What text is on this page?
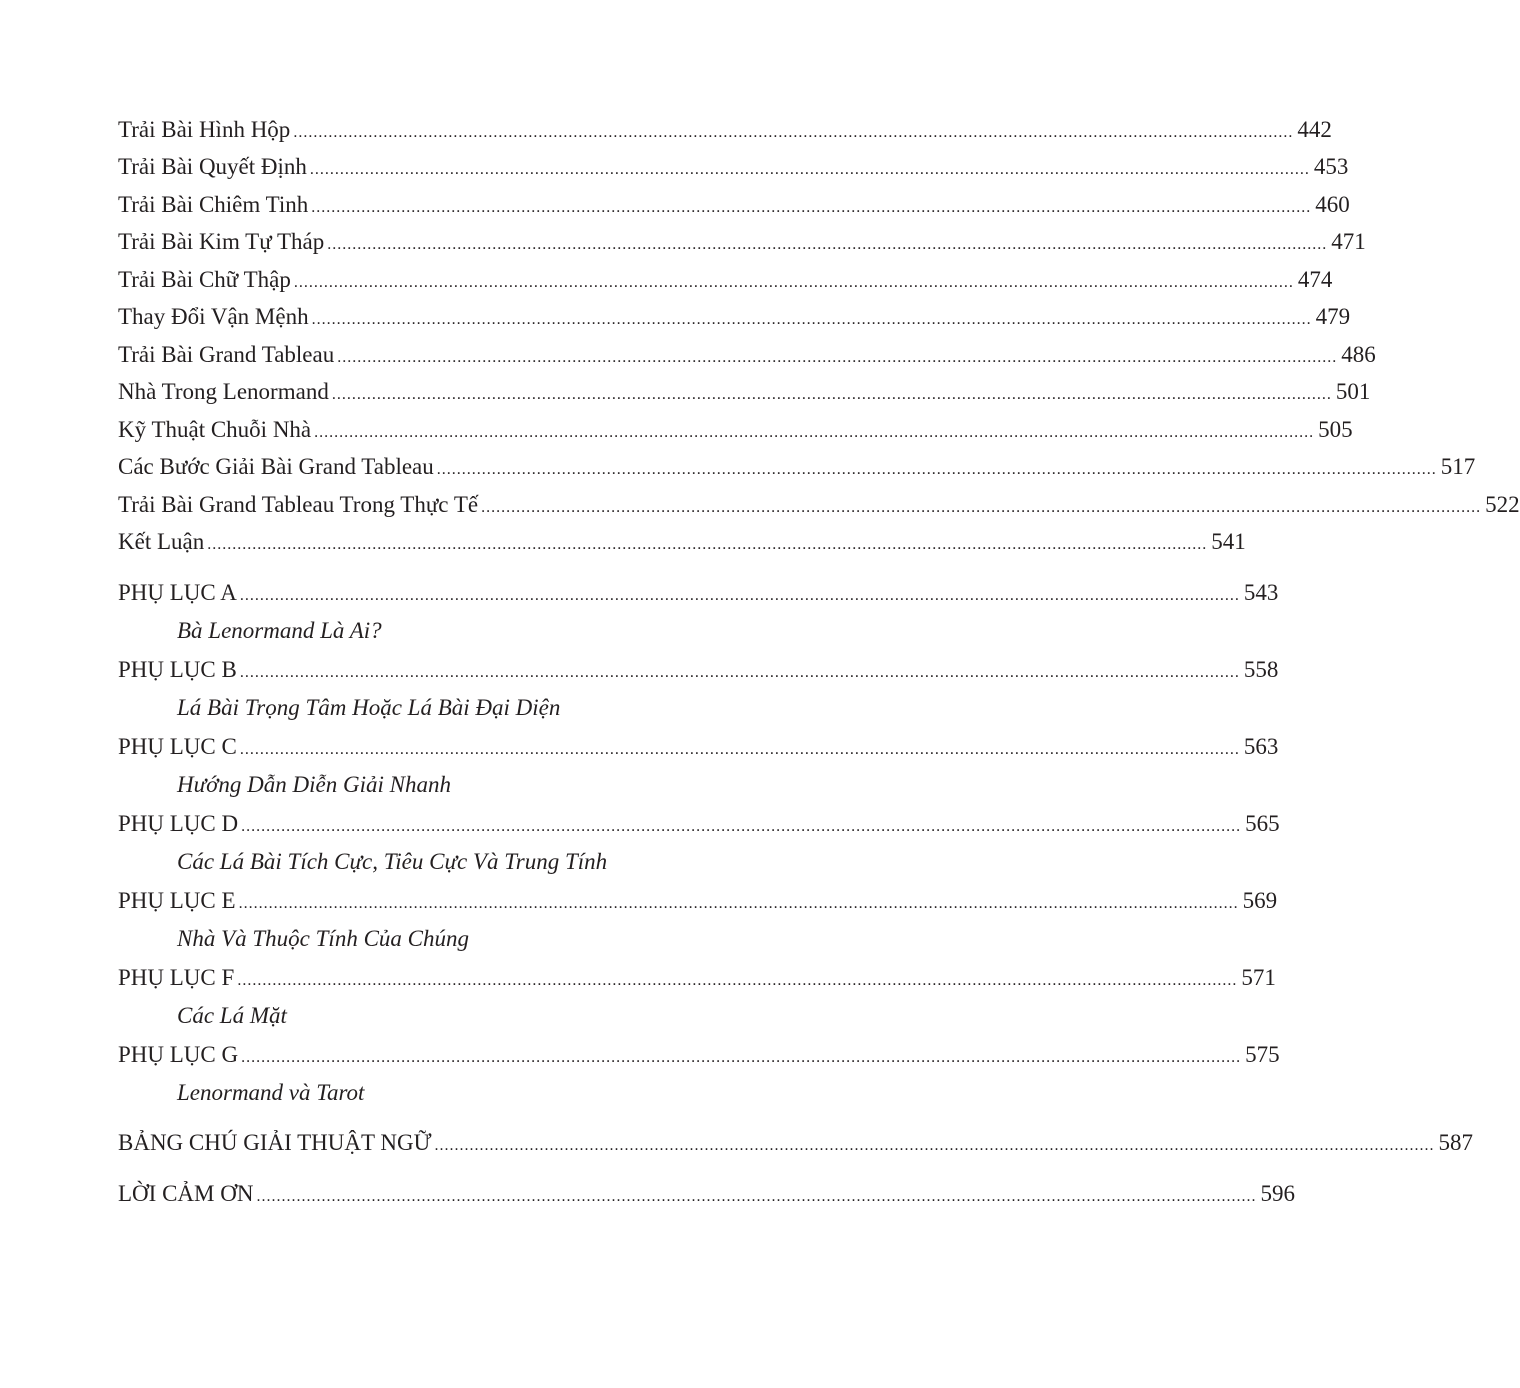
Trải Bài Hình Hộp ........................................................................................................................................................................................................ 442
Trải Bài Quyết Định ........................................................................................................................................................................................................ 453
Trải Bài Chiêm Tinh ........................................................................................................................................................................................................ 460
Trải Bài Kim Tự Tháp ........................................................................................................................................................................................................ 471
Trải Bài Chữ Thập ........................................................................................................................................................................................................ 474
Thay Đổi Vận Mệnh ........................................................................................................................................................................................................ 479
Trải Bài Grand Tableau ........................................................................................................................................................................................................ 486
Nhà Trong Lenormand ........................................................................................................................................................................................................ 501
Kỹ Thuật Chuỗi Nhà ........................................................................................................................................................................................................ 505
Các Bước Giải Bài Grand Tableau ........................................................................................................................................................................................................ 517
Trải Bài Grand Tableau Trong Thực Tế ........................................................................................................................................................................................................ 522
Kết Luận ........................................................................................................................................................................................................ 541
PHỤ LỤC A ........................................................................................................................................................................................................ 543
Bà Lenormand Là Ai?
PHỤ LỤC B ........................................................................................................................................................................................................ 558
Lá Bài Trọng Tâm Hoặc Lá Bài Đại Diện
PHỤ LỤC C ........................................................................................................................................................................................................ 563
Hướng Dẫn Diễn Giải Nhanh
PHỤ LỤC D ........................................................................................................................................................................................................ 565
Các Lá Bài Tích Cực, Tiêu Cực Và Trung Tính
PHỤ LỤC E ........................................................................................................................................................................................................ 569
Nhà Và Thuộc Tính Của Chúng
PHỤ LỤC F ........................................................................................................................................................................................................ 571
Các Lá Mặt
PHỤ LỤC G ........................................................................................................................................................................................................ 575
Lenormand và Tarot
BẢNG CHÚ GIẢI THUẬT NGỮ ........................................................................................................................................................................................................ 587
LỜI CẢM ƠN ........................................................................................................................................................................................................ 596
